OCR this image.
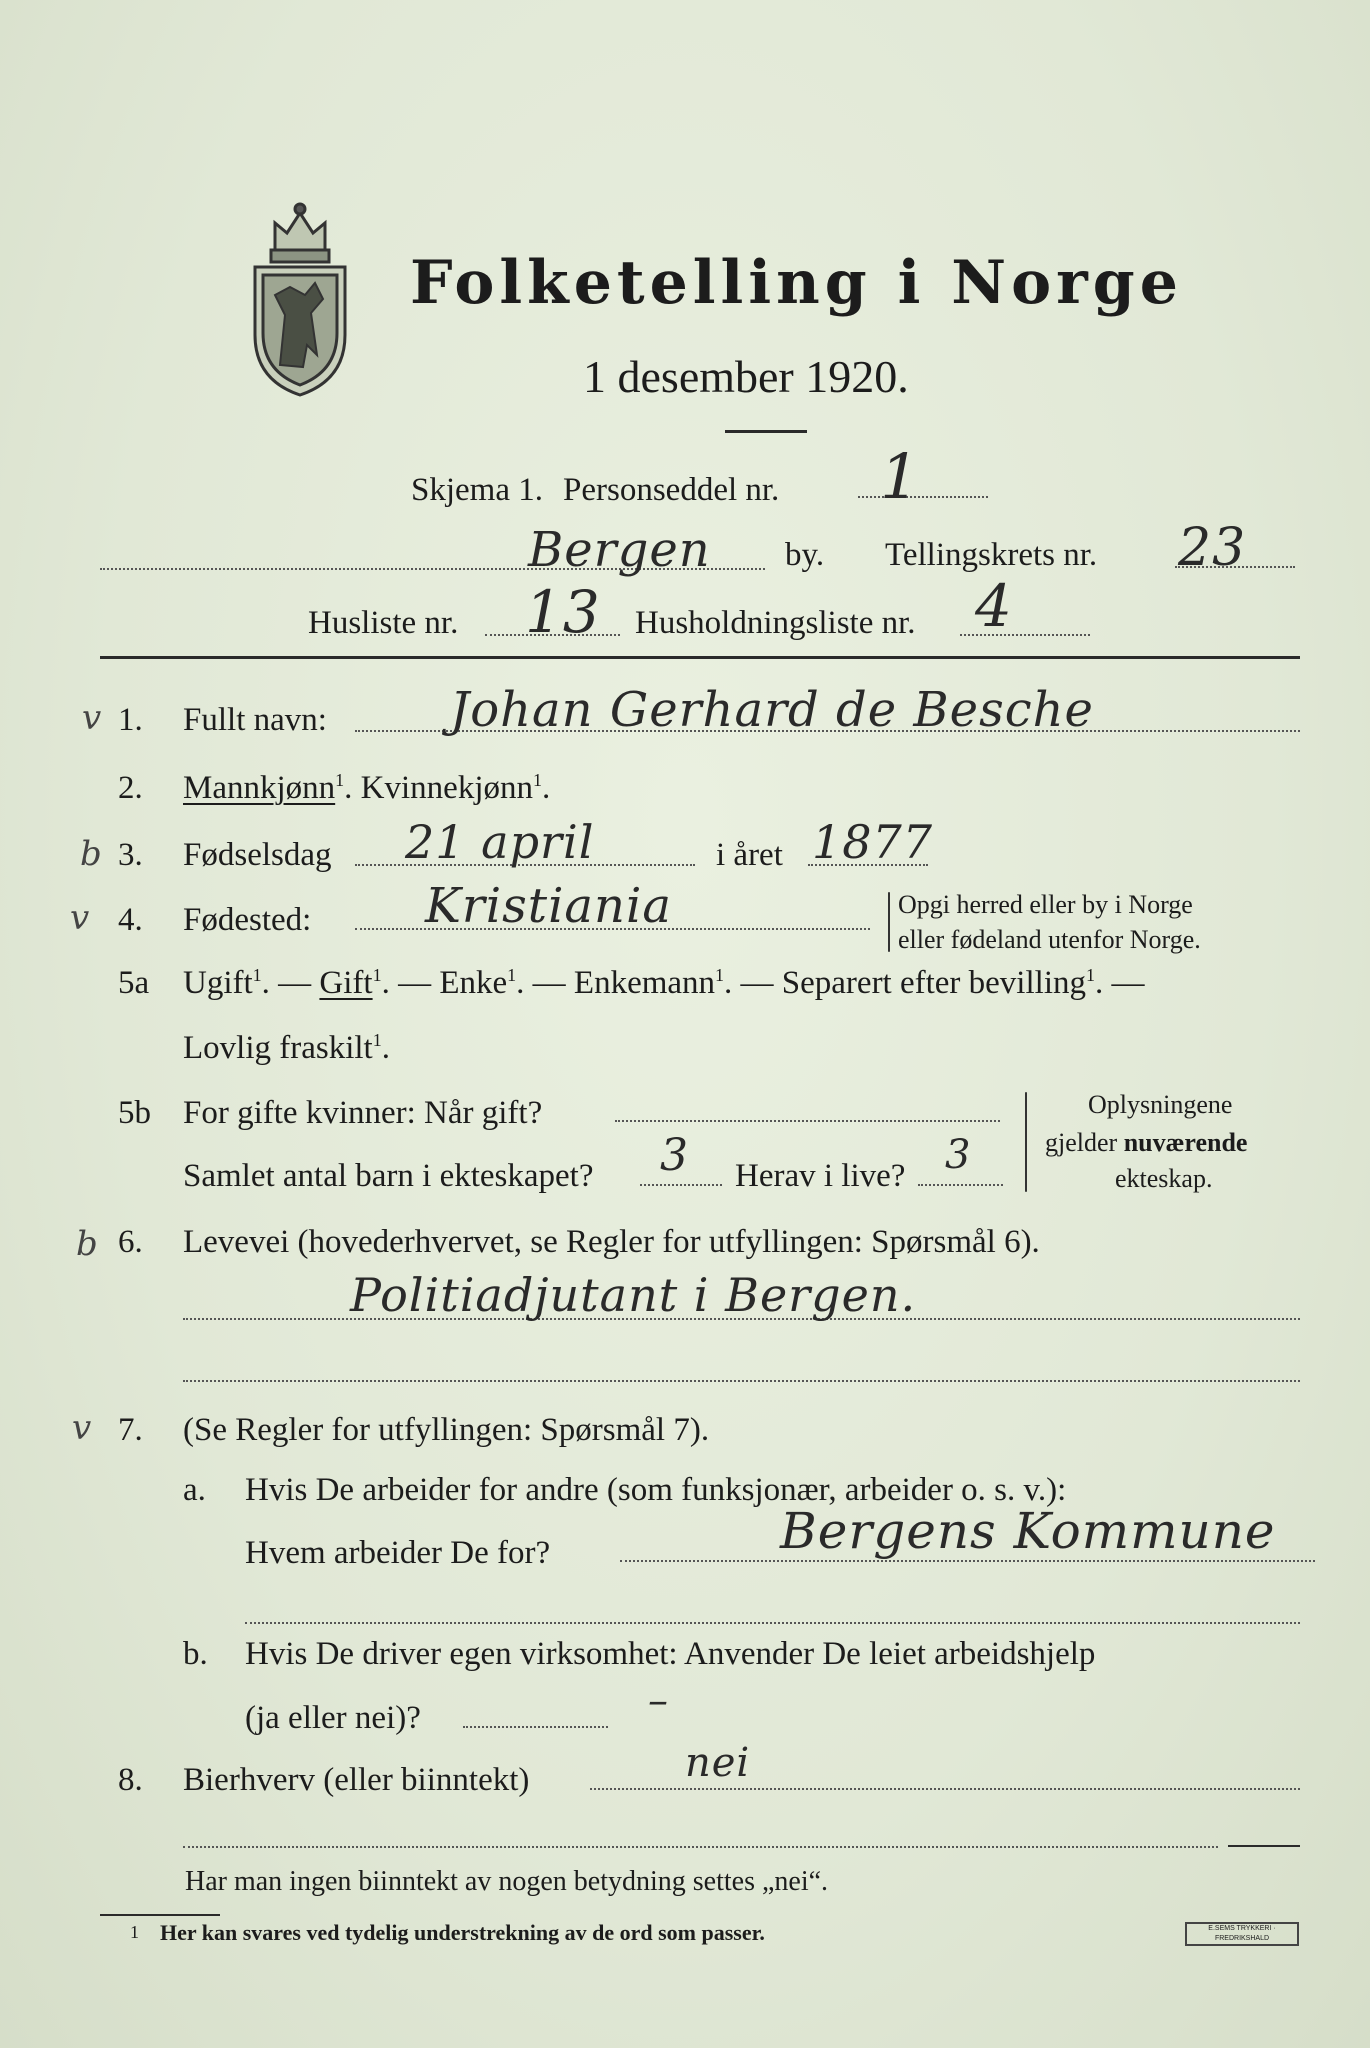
Folketelling i Norge
1 desember 1920.
Skjema 1. Personseddel nr. 1
Bergen by. Tellingskrets nr. 23
Husliste nr. 13 Husholdningsliste nr. 4
v 1. Fullt navn:	Johan Gerhard de Besche
2. Mannkjønn$^1$. Kvinnekjønn$^1$.
b 3. Fødselsdag 21 april	i året 1877
v 4. Fødested: Kristiania	Opgi herred eller by i Norge
eller fødeland utenfor Norge.
5a Ugift$^1$. — Gift$^1$. — Enke$^1$. — Enkemann$^1$. — Separert efter bevilling$^1$. —
Lovlig fraskilt$^1$.
5b For gifte kvinner: Når gift?
Samlet antal barn i ekteskapet? 3 Herav i live? 3
Oplysningene
gjelder nuværende
ekteskap.
b 6. Levevei (hovederhvervet, se Regler for utfyllingen: Spørsmål 6).
Politiadjutant i Bergen.
v 7. (Se Regler for utfyllingen: Spørsmål 7).
a. Hvis De arbeider for andre (som funksjonær, arbeider o. s. v.):
Hvem arbeider De for?	Bergens Kommune
b. Hvis De driver egen virksomhet: Anvender De leiet arbeidshjelp
(ja eller nei)?	–
8. Bierhverv (eller biinntekt)	nei
Har man ingen biinntekt av nogen betydning settes „nei“.
1 Her kan svares ved tydelig understrekning av de ord som passer.	E.SEMS TRYKKERI · FREDRIKSHALD
